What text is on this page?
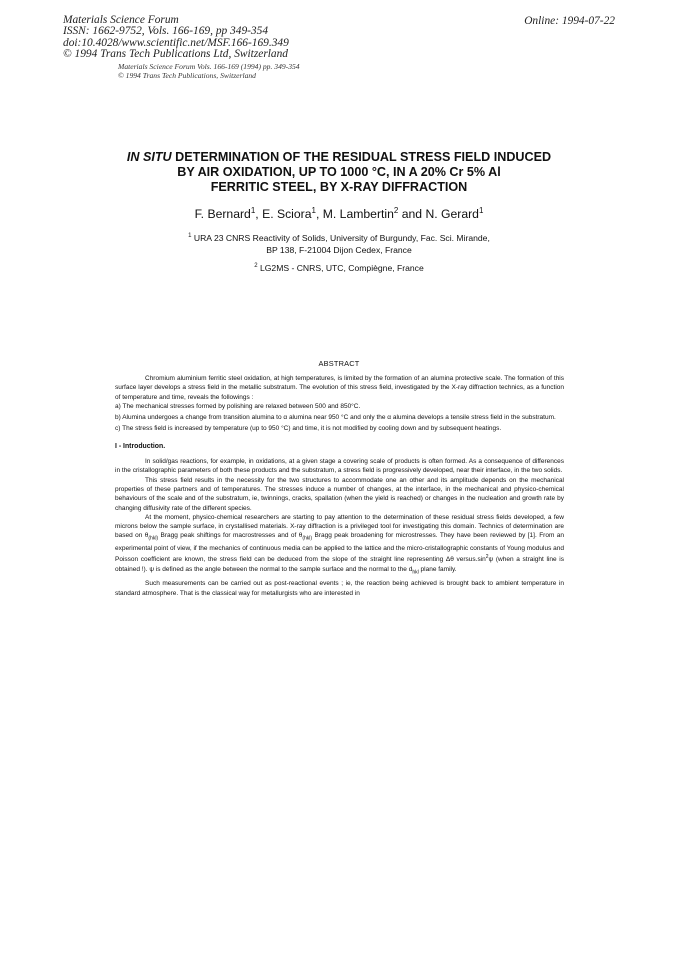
Materials Science Forum
ISSN: 1662-9752, Vols. 166-169, pp 349-354
doi:10.4028/www.scientific.net/MSF.166-169.349
© 1994 Trans Tech Publications Ltd, Switzerland
Online: 1994-07-22
Materials Science Forum Vols. 166-169 (1994) pp. 349-354
© 1994 Trans Tech Publications, Switzerland
IN SITU DETERMINATION OF THE RESIDUAL STRESS FIELD INDUCED
BY AIR OXIDATION, UP TO 1000 °C, IN A 20% Cr 5% Al
FERRITIC STEEL, BY X-RAY DIFFRACTION
F. Bernard$^1$, E. Sciora$^1$, M. Lambertin$^2$ and N. Gerard$^1$
$^1$ URA 23 CNRS Reactivity of Solids, University of Burgundy, Fac. Sci. Mirande,
BP 138, F-21004 Dijon Cedex, France
$^2$ LG2MS - CNRS, UTC, Compiègne, France
ABSTRACT

Chromium aluminium ferritic steel oxidation, at high temperatures, is limited by the formation of an alumina protective scale. The formation of this surface layer develops a stress field in the metallic substratum. The evolution of this stress field, investigated by the X-ray diffraction technics, as a function of temperature and time, reveals the followings :

a) The mechanical stresses formed by polishing are relaxed between 500 and 850°C.

b) Alumina undergoes a change from transition alumina to α alumina near 950 °C and only the α alumina develops a tensile stress field in the substratum.

c) The stress field is increased by temperature (up to 950 °C) and time, it is not modified by cooling down and by subsequent heatings.

I - Introduction.

In solid/gas reactions, for example, in oxidations, at a given stage a covering scale of products is often formed. As a consequence of differences in the cristallographic parameters of both these products and the substratum, a stress field is progressively developed, near their interface, in the two solids.

This stress field results in the necessity for the two structures to accommodate one an other and its amplitude depends on the mechanical properties of these partners and of temperatures. The stresses induce a number of changes, at the interface, in the mechanical and physico-chemical behaviours of the scale and of the substratum, ie, twinnings, cracks, spallation (when the yield is reached) or changes in the nucleation and growth rate by changing diffusivity rate of the different species.

At the moment, physico-chemical researchers are starting to pay attention to the determination of these residual stress fields developed, a few microns below the sample surface, in crystallised materials. X-ray diffraction is a privileged tool for investigating this domain. Technics of determination are based on $\theta_{(hkl)}$ Bragg peak shiftings for macrostresses and of $\theta_{(hkl)}$ Bragg peak broadening for microstresses. They have been reviewed by [1]. From an experimental point of view, if the mechanics of continuous media can be applied to the lattice and the micro-cristallographic constants of Young modulus and Poisson coefficient are known, the stress field can be deduced from the slope of the straight line representing Δθ $versus.\sin^2\psi$ (when a straight line is obtained !). ψ is defined as the angle between the normal to the sample surface and the normal to the $d_{hkl}$ plane family.

Such measurements can be carried out as post-reactional events ; ie, the reaction being achieved is brought back to ambient temperature in standard atmosphere. That is the classical way for metallurgists who are interested in
